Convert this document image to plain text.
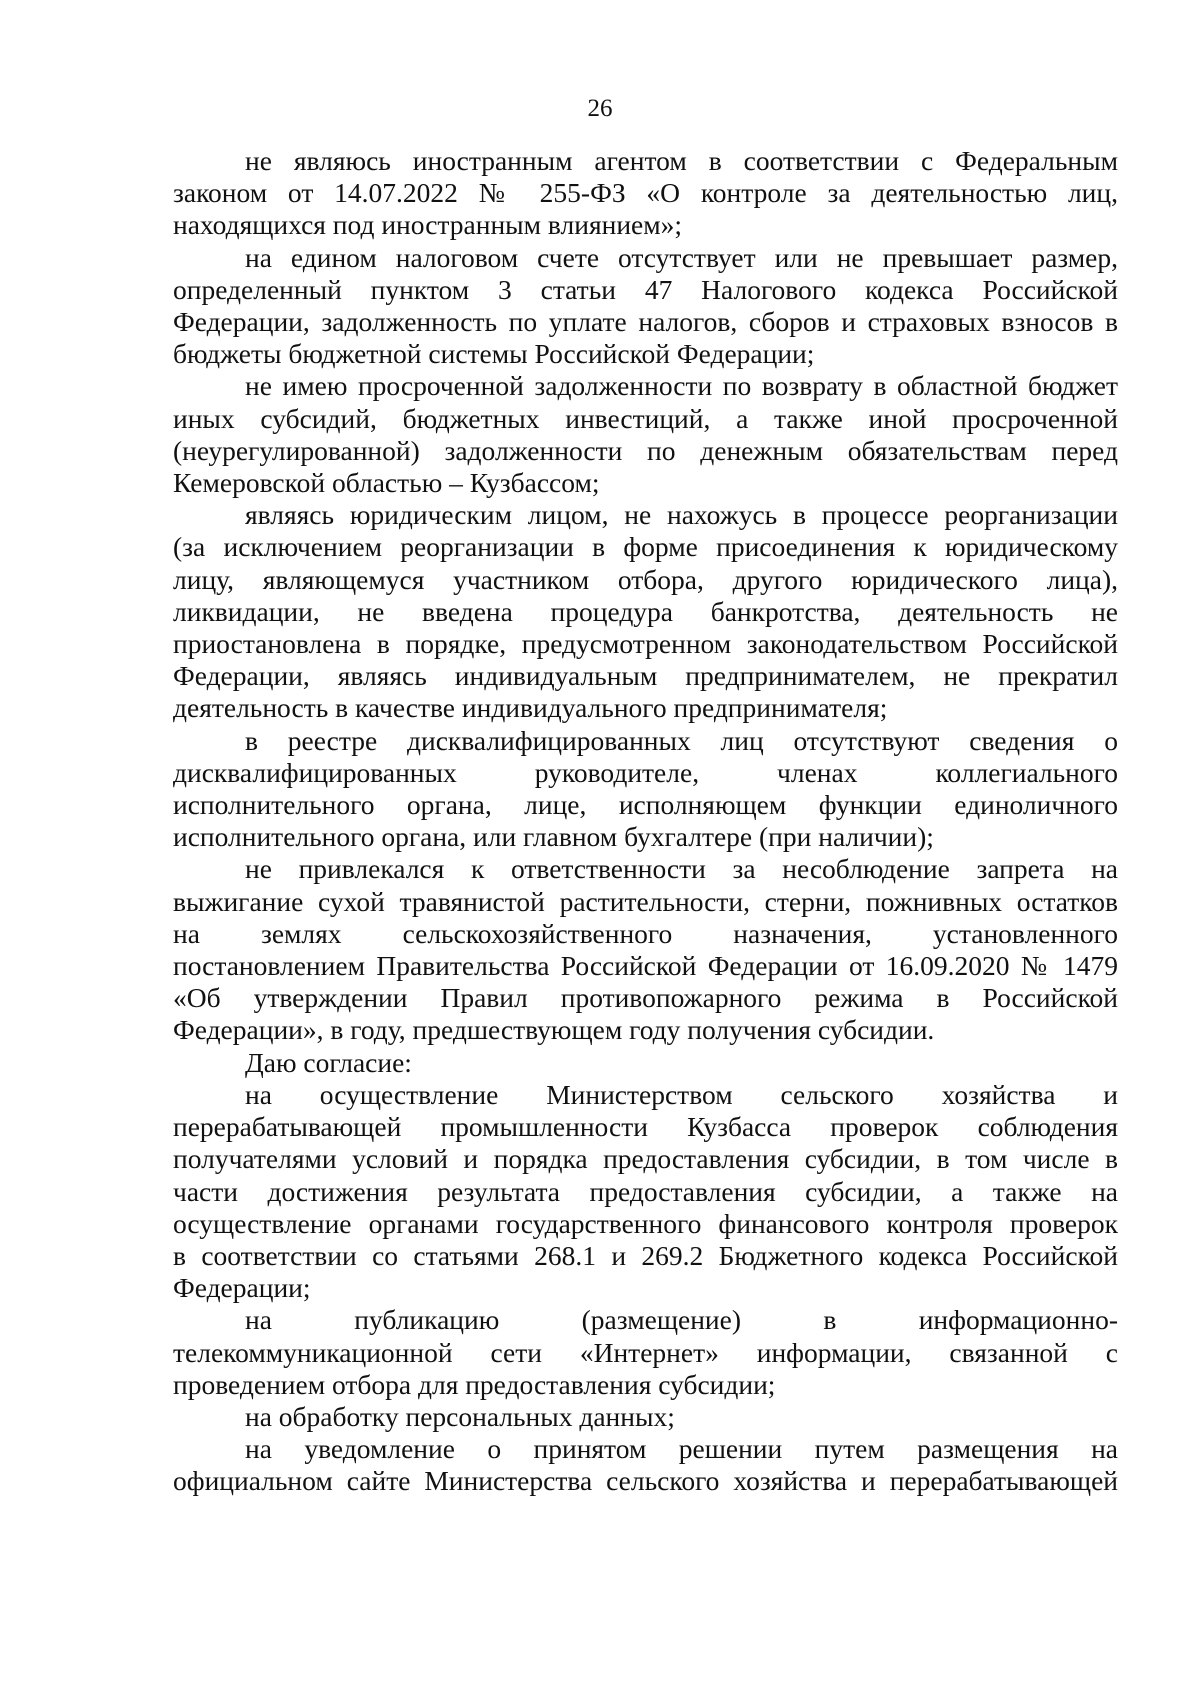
26
не являюсь иностранным агентом в соответствии с Федеральным
законом от 14.07.2022 № 255-ФЗ «О контроле за деятельностью лиц,
находящихся под иностранным влиянием»;
на едином налоговом счете отсутствует или не превышает размер,
определенный пунктом 3 статьи 47 Налогового кодекса Российской
Федерации, задолженность по уплате налогов, сборов и страховых взносов в
бюджеты бюджетной системы Российской Федерации;
не имею просроченной задолженности по возврату в областной бюджет
иных субсидий, бюджетных инвестиций, а также иной просроченной
(неурегулированной) задолженности по денежным обязательствам перед
Кемеровской областью – Кузбассом;
являясь юридическим лицом, не нахожусь в процессе реорганизации
(за исключением реорганизации в форме присоединения к юридическому
лицу, являющемуся участником отбора, другого юридического лица),
ликвидации, не введена процедура банкротства, деятельность не
приостановлена в порядке, предусмотренном законодательством Российской
Федерации, являясь индивидуальным предпринимателем, не прекратил
деятельность в качестве индивидуального предпринимателя;
в реестре дисквалифицированных лиц отсутствуют сведения о
дисквалифицированных руководителе, членах коллегиального
исполнительного органа, лице, исполняющем функции единоличного
исполнительного органа, или главном бухгалтере (при наличии);
не привлекался к ответственности за несоблюдение запрета на
выжигание сухой травянистой растительности, стерни, пожнивных остатков
на землях сельскохозяйственного назначения, установленного
постановлением Правительства Российской Федерации от 16.09.2020 № 1479
«Об утверждении Правил противопожарного режима в Российской
Федерации», в году, предшествующем году получения субсидии.
Даю согласие:
на осуществление Министерством сельского хозяйства и
перерабатывающей промышленности Кузбасса проверок соблюдения
получателями условий и порядка предоставления субсидии, в том числе в
части достижения результата предоставления субсидии, а также на
осуществление органами государственного финансового контроля проверок
в соответствии со статьями 268.1 и 269.2 Бюджетного кодекса Российской
Федерации;
на публикацию (размещение) в информационно-
телекоммуникационной сети «Интернет» информации, связанной с
проведением отбора для предоставления субсидии;
на обработку персональных данных;
на уведомление о принятом решении путем размещения на
официальном сайте Министерства сельского хозяйства и перерабатывающей
